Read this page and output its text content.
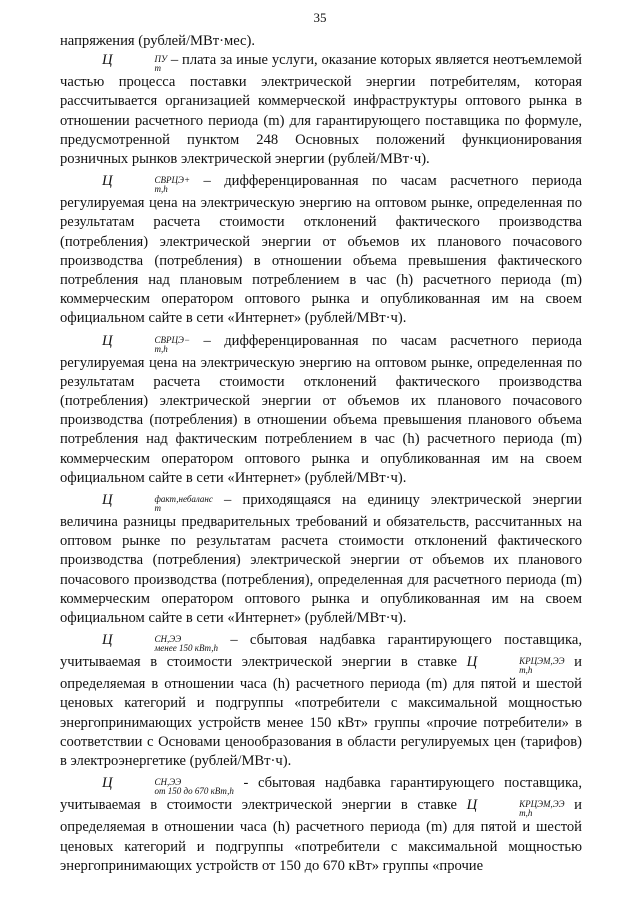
35

напряжения (рублей/МВт·мес).

Ц	ПУ
m – плата за иные услуги, оказание которых является неотъемлемой частью процесса поставки электрической энергии потребителям, которая рассчитывается организацией коммерческой инфраструктуры оптового рынка в отношении расчетного периода (m) для гарантирующего поставщика по формуле, предусмотренной пунктом 248 Основных положений функционирования розничных рынков электрической энергии (рублей/МВт·ч).

Ц	СВРЦЭ+
m,h	– дифференцированная по часам расчетного периода регулируемая цена на электрическую энергию на оптовом рынке, определенная по результатам расчета стоимости отклонений фактического производства (потребления) электрической энергии от объемов их планового почасового производства (потребления) в отношении объема превышения фактического потребления над плановым потреблением в час (h) расчетного периода (m) коммерческим оператором оптового рынка и опубликованная им на своем официальном сайте в сети «Интернет» (рублей/МВт·ч).

Ц	СВРЦЭ−
m,h	– дифференцированная по часам расчетного периода регулируемая цена на электрическую энергию на оптовом рынке, определенная по результатам расчета стоимости отклонений фактического производства (потребления) электрической энергии от объемов их планового почасового производства (потребления) в отношении объема превышения планового объема потребления над фактическим потреблением в час (h) расчетного периода (m) коммерческим оператором оптового рынка и опубликованная им на своем официальном сайте в сети «Интернет» (рублей/МВт·ч).

Ц	факт,небаланс
m	– приходящаяся на единицу электрической энергии величина разницы предварительных требований и обязательств, рассчитанных на оптовом рынке по результатам расчета стоимости отклонений фактического производства (потребления) электрической энергии от объемов их планового почасового производства (потребления), определенная для расчетного периода (m) коммерческим оператором оптового рынка и опубликованная им на своем официальном сайте в сети «Интернет» (рублей/МВт·ч).

Ц	СН,ЭЭ
менее 150 кВт,h – сбытовая надбавка гарантирующего поставщика, учитываемая в стоимости электрической энергии в ставке Ц	КРЦЭМ,ЭЭ
m,h	и определяемая в отношении часа (h) расчетного периода (m) для пятой и шестой ценовых категорий и подгруппы «потребители с максимальной мощностью энергопринимающих устройств менее 150 кВт» группы «прочие потребители» в соответствии с Основами ценообразования в области регулируемых цен (тарифов) в электроэнергетике (рублей/МВт·ч).

Ц	СН,ЭЭ
от 150 до 670 кВт,h - сбытовая надбавка гарантирующего поставщика, учитываемая в стоимости электрической энергии в ставке Ц	КРЦЭМ,ЭЭ
m,h	и определяемая в отношении часа (h) расчетного периода (m) для пятой и шестой ценовых категорий и подгруппы «потребители с максимальной мощностью энергопринимающих устройств от 150 до 670 кВт» группы «прочие
